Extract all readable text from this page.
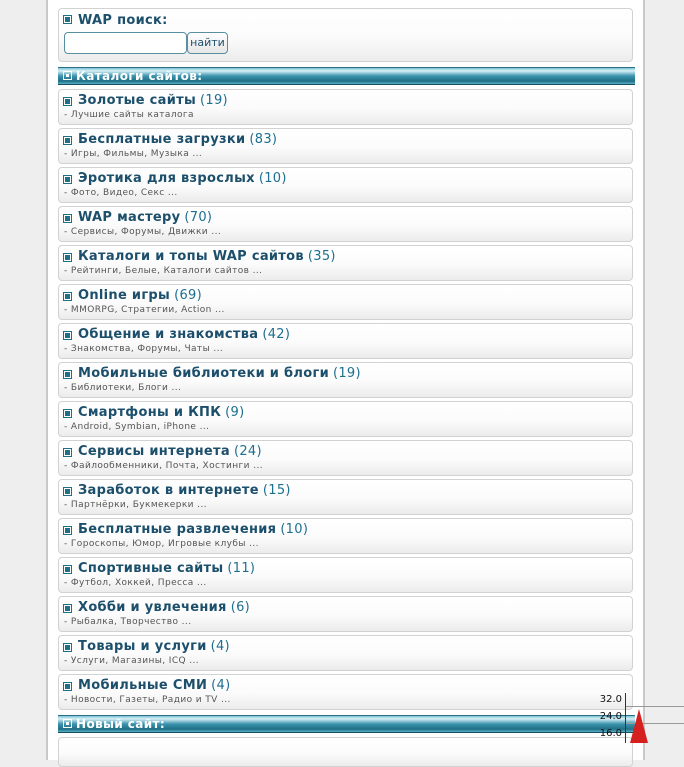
WAP поиск:
найти
Каталоги сайтов:
Золотые сайты (19)
- Лучшие сайты каталога
Бесплатные загрузки (83)
- Игры, Фильмы, Музыка ...
Эротика для взрослых (10)
- Фото, Видео, Секс ...
WAP мастеру (70)
- Сервисы, Форумы, Движки ...
Каталоги и топы WAP сайтов (35)
- Рейтинги, Белые, Каталоги сайтов ...
Online игры (69)
- MMORPG, Стратегии, Action ...
Общение и знакомства (42)
- Знакомства, Форумы, Чаты ...
Мобильные библиотеки и блоги (19)
- Библиотеки, Блоги ...
Смартфоны и КПК (9)
- Android, Symbian, iPhone ...
Сервисы интернета (24)
- Файлообменники, Почта, Хостинги ...
Заработок в интернете (15)
- Партнёрки, Букмекерки ...
Бесплатные развлечения (10)
- Гороскопы, Юмор, Игровые клубы ...
Спортивные сайты (11)
- Футбол, Хоккей, Пресса ...
Хобби и увлечения (6)
- Рыбалка, Творчество ...
Товары и услуги (4)
- Услуги, Магазины, ICQ ...
Мобильные СМИ (4)
- Новости, Газеты, Радио и TV ...
Новый сайт:
32.0
24.0
16.0
